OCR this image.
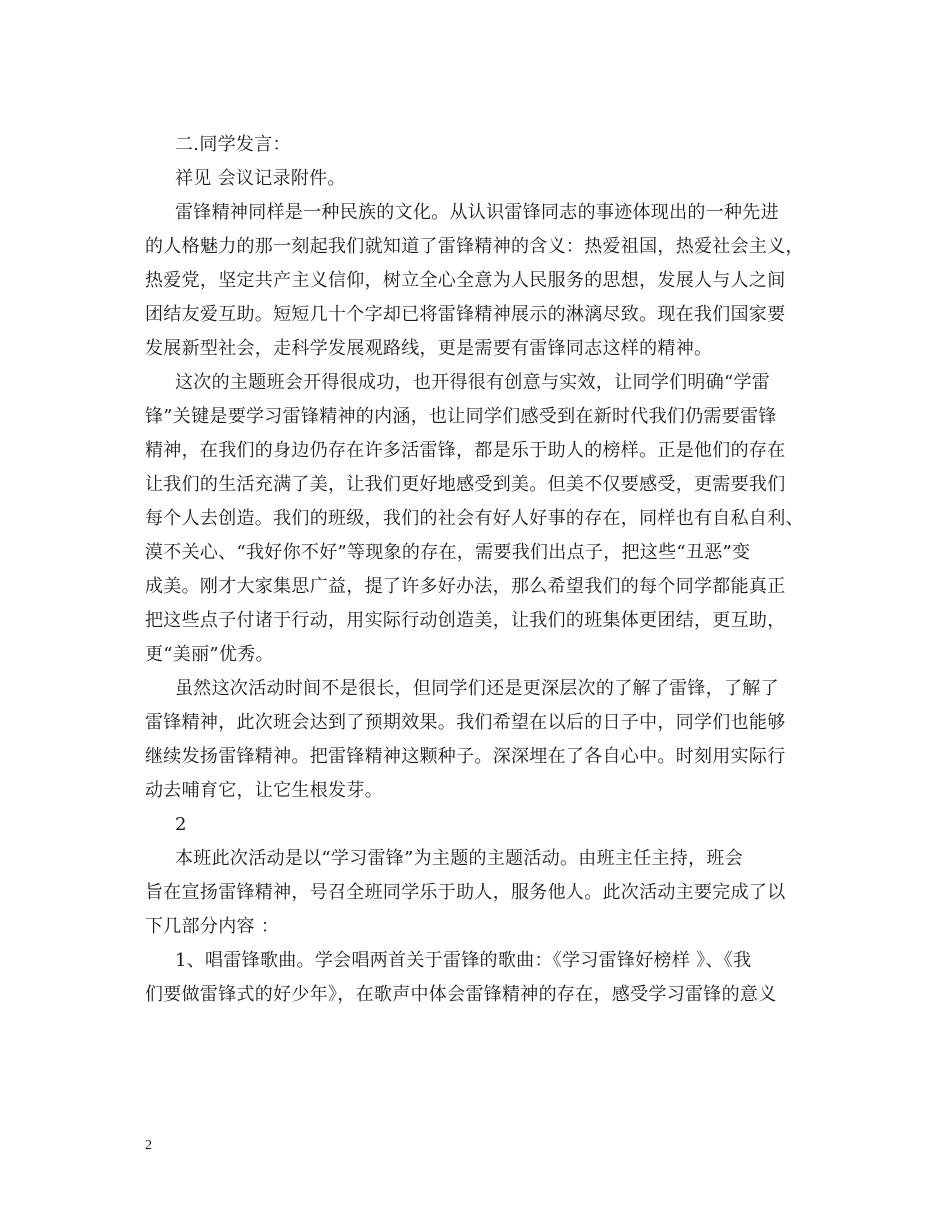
二.同学发言：
祥见 会议记录附件。
雷锋精神同样是一种民族的文化。从认识雷锋同志的事迹体现出的一种先进
的人格魅力的那一刻起我们就知道了雷锋精神的含义：热爱祖国，热爱社会主义，
热爱党，坚定共产主义信仰，树立全心全意为人民服务的思想，发展人与人之间
团结友爱互助。短短几十个字却已将雷锋精神展示的淋漓尽致。现在我们国家要
发展新型社会，走科学发展观路线，更是需要有雷锋同志这样的精神。
这次的主题班会开得很成功，也开得很有创意与实效，让同学们明确“学雷
锋”关键是要学习雷锋精神的内涵，也让同学们感受到在新时代我们仍需要雷锋
精神，在我们的身边仍存在许多活雷锋，都是乐于助人的榜样。正是他们的存在
让我们的生活充满了美，让我们更好地感受到美。但美不仅要感受，更需要我们
每个人去创造。我们的班级，我们的社会有好人好事的存在，同样也有自私自利、
漠不关心、“我好你不好”等现象的存在，需要我们出点子，把这些“丑恶”变
成美。刚才大家集思广益，提了许多好办法，那么希望我们的每个同学都能真正
把这些点子付诸于行动，用实际行动创造美，让我们的班集体更团结，更互助，
更“美丽”优秀。
虽然这次活动时间不是很长，但同学们还是更深层次的了解了雷锋，了解了
雷锋精神，此次班会达到了预期效果。我们希望在以后的日子中，同学们也能够
继续发扬雷锋精神。把雷锋精神这颗种子。深深埋在了各自心中。时刻用实际行
动去哺育它，让它生根发芽。
2
本班此次活动是以“学习雷锋”为主题的主题活动。由班主任主持，班会
旨在宣扬雷锋精神，号召全班同学乐于助人，服务他人。此次活动主要完成了以
下几部分内容 ：
1、唱雷锋歌曲。学会唱两首关于雷锋的歌曲：《学习雷锋好榜样 》、《我
们要做雷锋式的好少年》，在歌声中体会雷锋精神的存在，感受学习雷锋的意义
2
